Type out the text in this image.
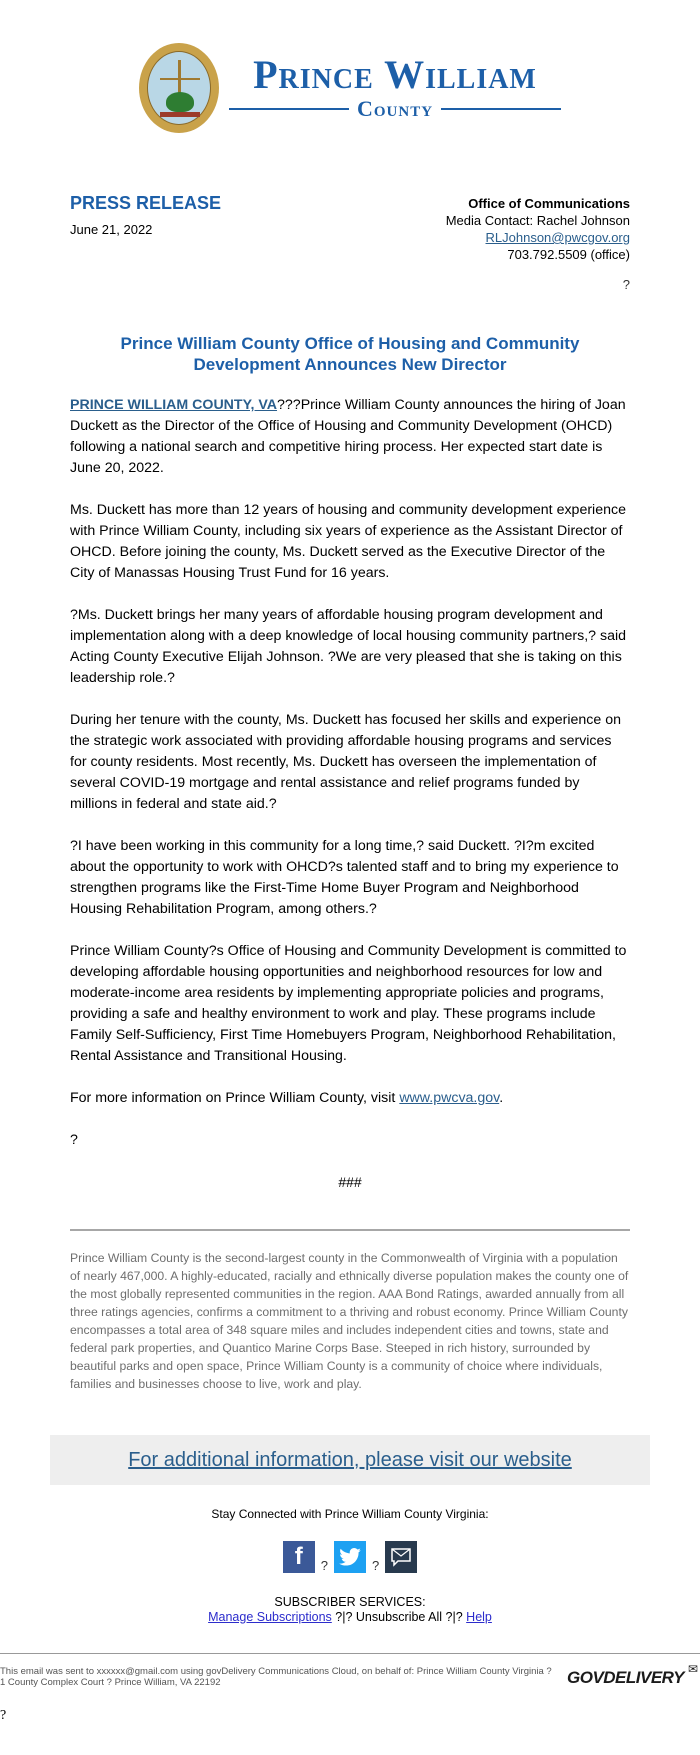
Prince William
County
PRESS RELEASE
June 21, 2022
Office of Communications
Media Contact: Rachel Johnson
RLJohnson@pwcgov.org
703.792.5509 (office)
?
Prince William County Office of Housing and Community Development Announces New Director

PRINCE WILLIAM COUNTY, VA???Prince William County announces the hiring of Joan Duckett as the Director of the Office of Housing and Community Development (OHCD) following a national search and competitive hiring process. Her expected start date is June 20, 2022.

Ms. Duckett has more than 12 years of housing and community development experience with Prince William County, including six years of experience as the Assistant Director of OHCD. Before joining the county, Ms. Duckett served as the Executive Director of the City of Manassas Housing Trust Fund for 16 years.

?Ms. Duckett brings her many years of affordable housing program development and implementation along with a deep knowledge of local housing community partners,? said Acting County Executive Elijah Johnson. ?We are very pleased that she is taking on this leadership role.?

During her tenure with the county, Ms. Duckett has focused her skills and experience on the strategic work associated with providing affordable housing programs and services for county residents. Most recently, Ms. Duckett has overseen the implementation of several COVID-19 mortgage and rental assistance and relief programs funded by millions in federal and state aid.?

?I have been working in this community for a long time,? said Duckett. ?I?m excited about the opportunity to work with OHCD?s talented staff and to bring my experience to strengthen programs like the First-Time Home Buyer Program and Neighborhood Housing Rehabilitation Program, among others.?

Prince William County?s Office of Housing and Community Development is committed to developing affordable housing opportunities and neighborhood resources for low and moderate-income area residents by implementing appropriate policies and programs, providing a safe and healthy environment to work and play. These programs include Family Self-Sufficiency, First Time Homebuyers Program, Neighborhood Rehabilitation, Rental Assistance and Transitional Housing.

For more information on Prince William County, visit www.pwcva.gov.

?

###
Prince William County is the second-largest county in the Commonwealth of Virginia with a population of nearly 467,000. A highly-educated, racially and ethnically diverse population makes the county one of the most globally represented communities in the region. AAA Bond Ratings, awarded annually from all three ratings agencies, confirms a commitment to a thriving and robust economy. Prince William County encompasses a total area of 348 square miles and includes independent cities and towns, state and federal park properties, and Quantico Marine Corps Base. Steeped in rich history, surrounded by beautiful parks and open space, Prince William County is a community of choice where individuals, families and businesses choose to live, work and play.
For additional information, please visit our website
Stay Connected with Prince William County Virginia:
f	?	?
SUBSCRIBER SERVICES:
Manage Subscriptions ?|? Unsubscribe All ?|? Help
This email was sent to xxxxxx@gmail.com using govDelivery Communications Cloud, on behalf of: Prince William County Virginia ?
1 County Complex Court ? Prince William, VA 22192	GOVDELIVERY ✉
?
